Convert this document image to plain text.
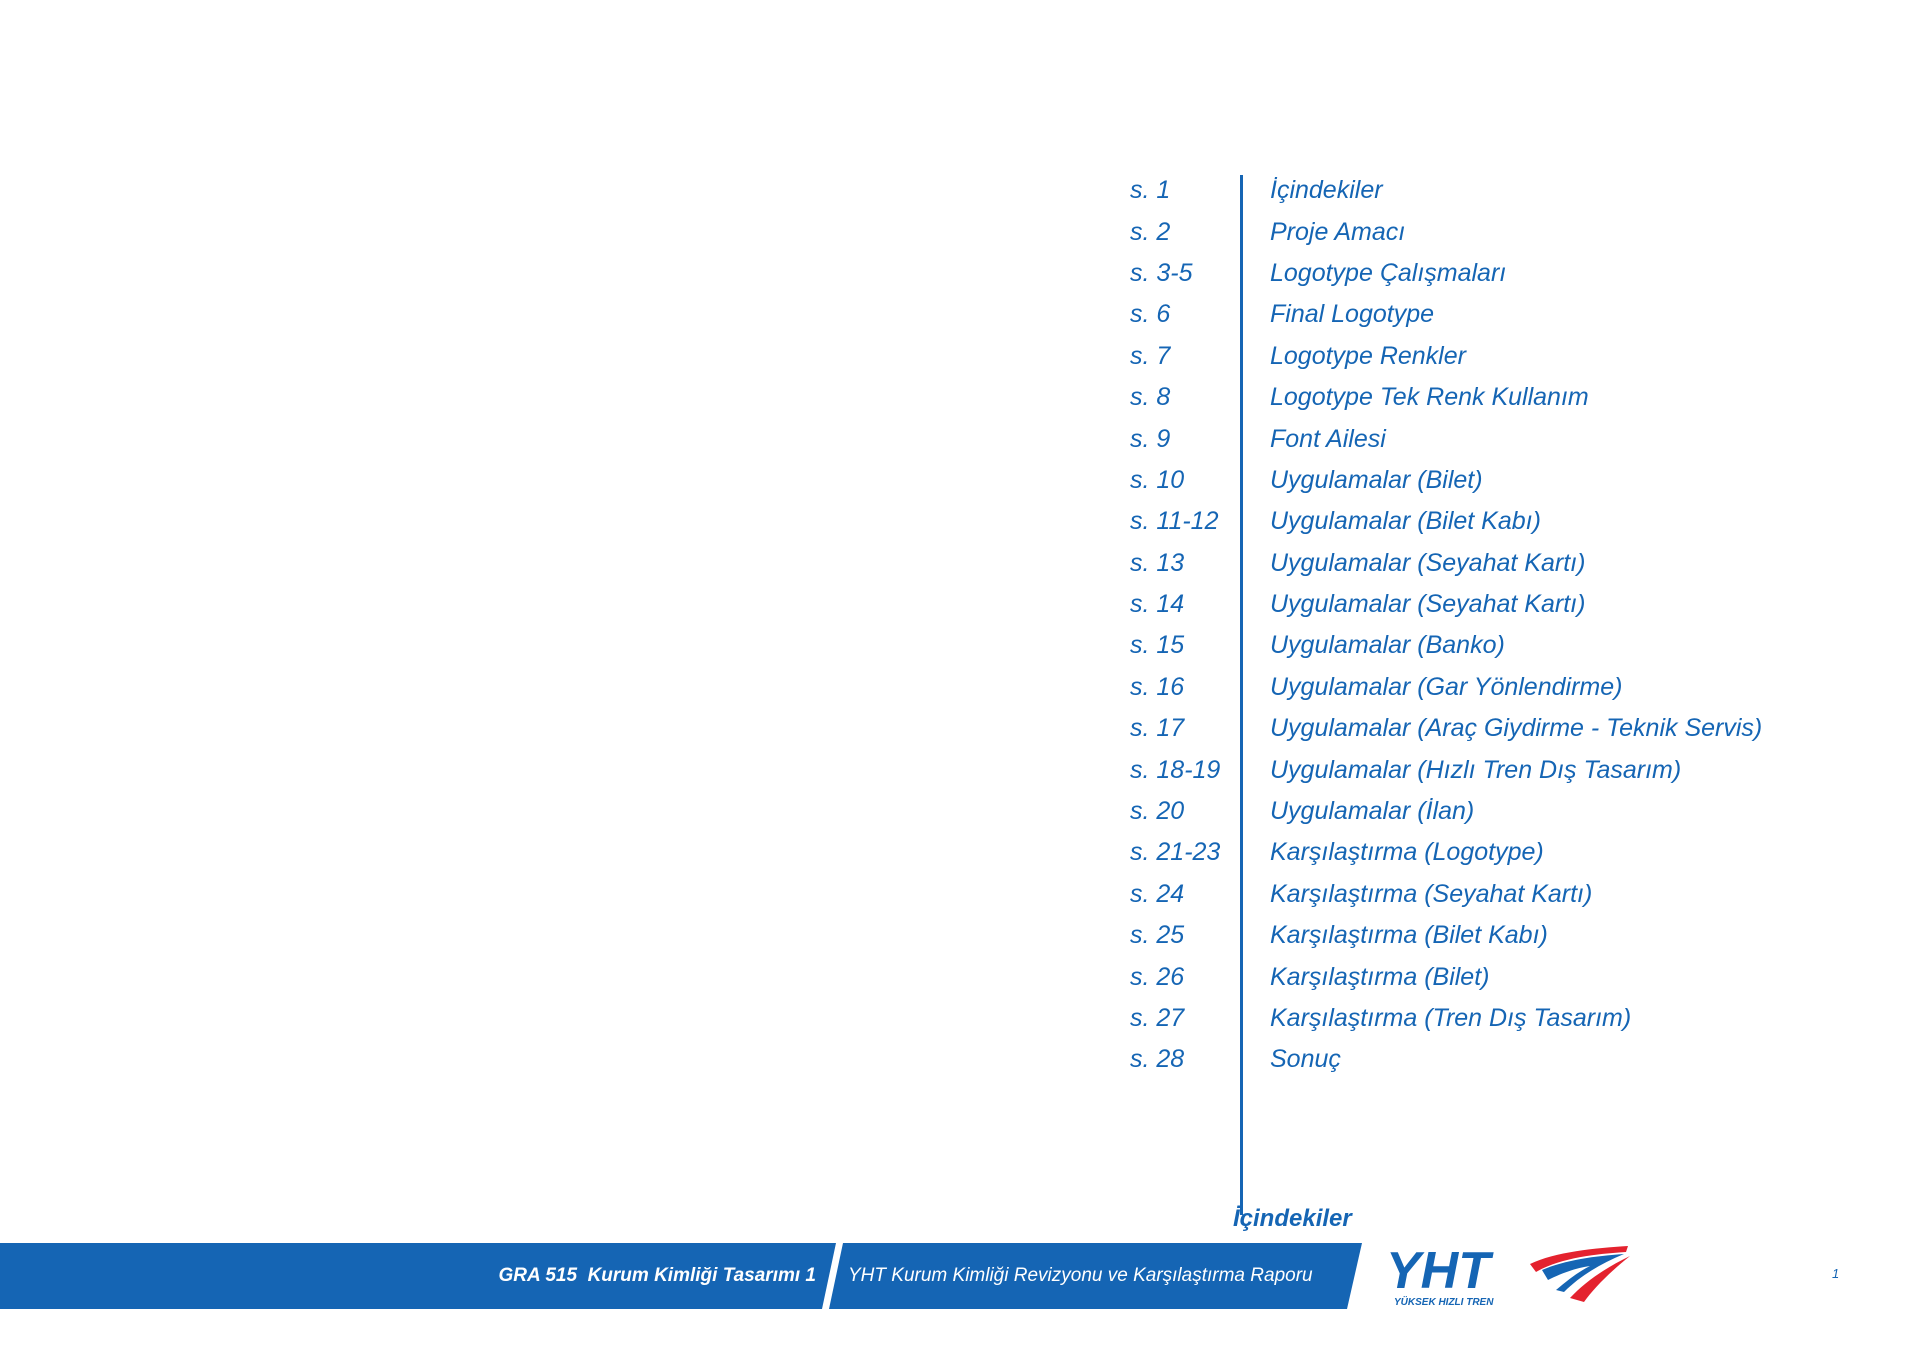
s. 1	İçindekiler
s. 2	Proje Amacı
s. 3-5	Logotype Çalışmaları
s. 6	Final Logotype
s. 7	Logotype Renkler
s. 8	Logotype Tek Renk Kullanım
s. 9	Font Ailesi
s. 10	Uygulamalar (Bilet)
s. 11-12	Uygulamalar (Bilet Kabı)
s. 13	Uygulamalar (Seyahat Kartı)
s. 14	Uygulamalar (Seyahat Kartı)
s. 15	Uygulamalar (Banko)
s. 16	Uygulamalar (Gar Yönlendirme)
s. 17	Uygulamalar (Araç Giydirme - Teknik Servis)
s. 18-19	Uygulamalar (Hızlı Tren Dış Tasarım)
s. 20	Uygulamalar (İlan)
s. 21-23	Karşılaştırma (Logotype)
s. 24	Karşılaştırma (Seyahat Kartı)
s. 25	Karşılaştırma (Bilet Kabı)
s. 26	Karşılaştırma (Bilet)
s. 27	Karşılaştırma (Tren Dış Tasarım)
s. 28	Sonuç
İçindekiler
GRA 515  Kurum Kimliği Tasarımı 1 YHT Kurum Kimliği Revizyonu ve Karşılaştırma Raporu YHT
YÜKSEK HIZLI TREN
1
